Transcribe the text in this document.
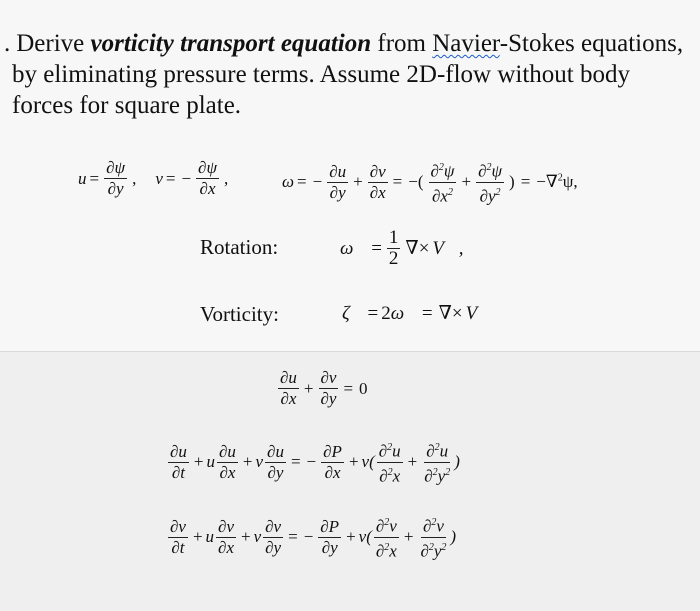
. Derive vorticity transport equation from Navier-Stokes equations,
by eliminating pressure terms. Assume 2D-flow without body
forces for square plate.
$u = \frac{\partial\psi}{\partial y}$ , v = − $\frac{\partial\psi}{\partial x}$ ,	ω = − $\frac{\partial u}{\partial y} + \frac{\partial v}{\partial x}$ = −( $\frac{\partial^2\psi}{\partial x^2} + \frac{\partial^2\psi}{\partial y^2}$ ) = −∇$^2$ψ,
Rotation:	ω⃗ = $\frac{1}{2}$ ∇× V⃗,
Vorticity:	ζ⃗ = 2 ω⃗ = ∇× V⃗
$\frac{\partial u}{\partial x} + \frac{\partial v}{\partial y} = 0$
$\frac{\partial u}{\partial t} + u \frac{\partial u}{\partial x} + v \frac{\partial u}{\partial y}$ = − $\frac{\partial P}{\partial x} + \nu( \frac{\partial^2u}{\partial^2x} + \frac{\partial^2u}{\partial^2y^2}$ )
$\frac{\partial v}{\partial t} + u \frac{\partial v}{\partial x} + v \frac{\partial v}{\partial y}$ = − $\frac{\partial P}{\partial y} + \nu( \frac{\partial^2v}{\partial^2x} + \frac{\partial^2v}{\partial^2y^2}$ )
u = ∂ψ/∂y v = −∂ψ/∂x ω = −∂u/∂y + ∂v/∂x = −(∂²ψ/∂x² + ∂²ψ/∂y²) = −∇²ψ ω⃗ = ½ ∇×V⃗ ζ⃗ = 2ω⃗ = ∇×V⃗ ∂u/∂x + ∂v/∂y = 0 ∂u/∂t + u ∂u/∂x + v ∂u/∂y = −∂P/∂x + ν(∂²u/∂²x + ∂²u/∂²y²) ∂v/∂t + u ∂v/∂x + v ∂v/∂y = −∂P/∂y + ν(∂²v/∂²x + ∂²v/∂²y²)
